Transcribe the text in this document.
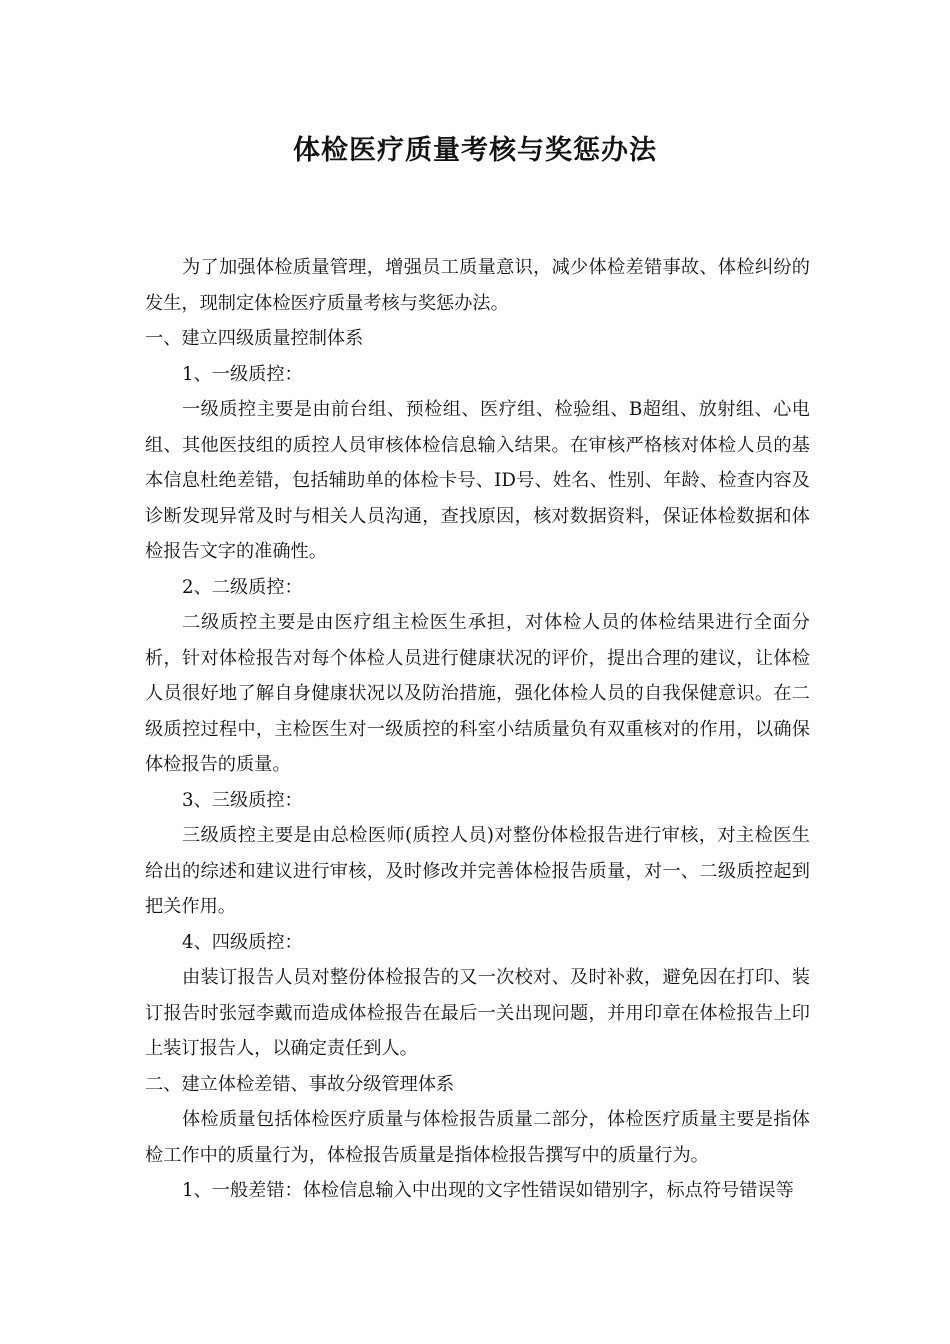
体检医疗质量考核与奖惩办法

为了加强体检质量管理，增强员工质量意识，减少体检差错事故、体检纠纷的发生，现制定体检医疗质量考核与奖惩办法。

一、建立四级质量控制体系

1、一级质控：

一级质控主要是由前台组、预检组、医疗组、检验组、B超组、放射组、心电组、其他医技组的质控人员审核体检信息输入结果。在审核严格核对体检人员的基本信息杜绝差错，包括辅助单的体检卡号、ID号、姓名、性别、年龄、检查内容及诊断发现异常及时与相关人员沟通，查找原因，核对数据资料，保证体检数据和体检报告文字的准确性。

2、二级质控：

二级质控主要是由医疗组主检医生承担，对体检人员的体检结果进行全面分析，针对体检报告对每个体检人员进行健康状况的评价，提出合理的建议，让体检人员很好地了解自身健康状况以及防治措施，强化体检人员的自我保健意识。在二级质控过程中，主检医生对一级质控的科室小结质量负有双重核对的作用，以确保体检报告的质量。

3、三级质控：

三级质控主要是由总检医师(质控人员)对整份体检报告进行审核，对主检医生给出的综述和建议进行审核，及时修改并完善体检报告质量，对一、二级质控起到把关作用。

4、四级质控：

由装订报告人员对整份体检报告的又一次校对、及时补救，避免因在打印、装订报告时张冠李戴而造成体检报告在最后一关出现问题，并用印章在体检报告上印上装订报告人，以确定责任到人。

二、建立体检差错、事故分级管理体系

体检质量包括体检医疗质量与体检报告质量二部分，体检医疗质量主要是指体检工作中的质量行为，体检报告质量是指体检报告撰写中的质量行为。

1、一般差错：体检信息输入中出现的文字性错误如错别字，标点符号错误等
